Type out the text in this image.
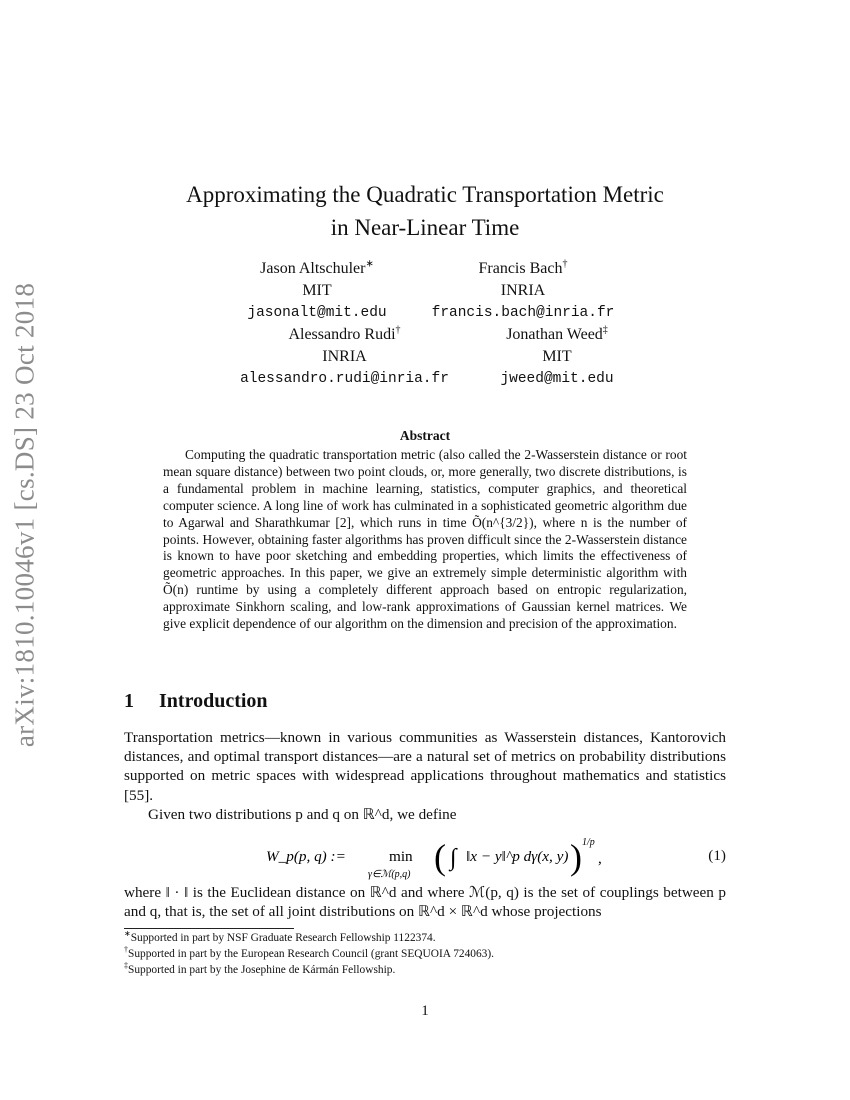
arXiv:1810.10046v1 [cs.DS] 23 Oct 2018
Approximating the Quadratic Transportation Metric
in Near-Linear Time
Jason Altschuler∗
MIT
jasonalt@mit.edu
Francis Bach†
INRIA
francis.bach@inria.fr
Alessandro Rudi†
INRIA
alessandro.rudi@inria.fr
Jonathan Weed‡
MIT
jweed@mit.edu
Abstract
Computing the quadratic transportation metric (also called the 2-Wasserstein distance or root mean square distance) between two point clouds, or, more generally, two discrete distributions, is a fundamental problem in machine learning, statistics, computer graphics, and theoretical computer science. A long line of work has culminated in a sophisticated geometric algorithm due to Agarwal and Sharathkumar [2], which runs in time Õ(n^{3/2}), where n is the number of points. However, obtaining faster algorithms has proven difficult since the 2-Wasserstein distance is known to have poor sketching and embedding properties, which limits the effectiveness of geometric approaches. In this paper, we give an extremely simple deterministic algorithm with Õ(n) runtime by using a completely different approach based on entropic regularization, approximate Sinkhorn scaling, and low-rank approximations of Gaussian kernel matrices. We give explicit dependence of our algorithm on the dimension and precision of the approximation.
1 Introduction
Transportation metrics—known in various communities as Wasserstein distances, Kantorovich distances, and optimal transport distances—are a natural set of metrics on probability distributions supported on metric spaces with widespread applications throughout mathematics and statistics [55].
Given two distributions p and q on ℝ^d, we define
W_p(p, q) :=	min
γ∈ℳ(p,q) ( ∫ ‖x − y‖^p dγ(x, y) ) 1/p
,	(1)
where ‖ · ‖ is the Euclidean distance on ℝ^d and where ℳ(p, q) is the set of couplings between p and q, that is, the set of all joint distributions on ℝ^d × ℝ^d whose projections
∗Supported in part by NSF Graduate Research Fellowship 1122374.
†Supported in part by the European Research Council (grant SEQUOIA 724063).
‡Supported in part by the Josephine de Kármán Fellowship.
1
